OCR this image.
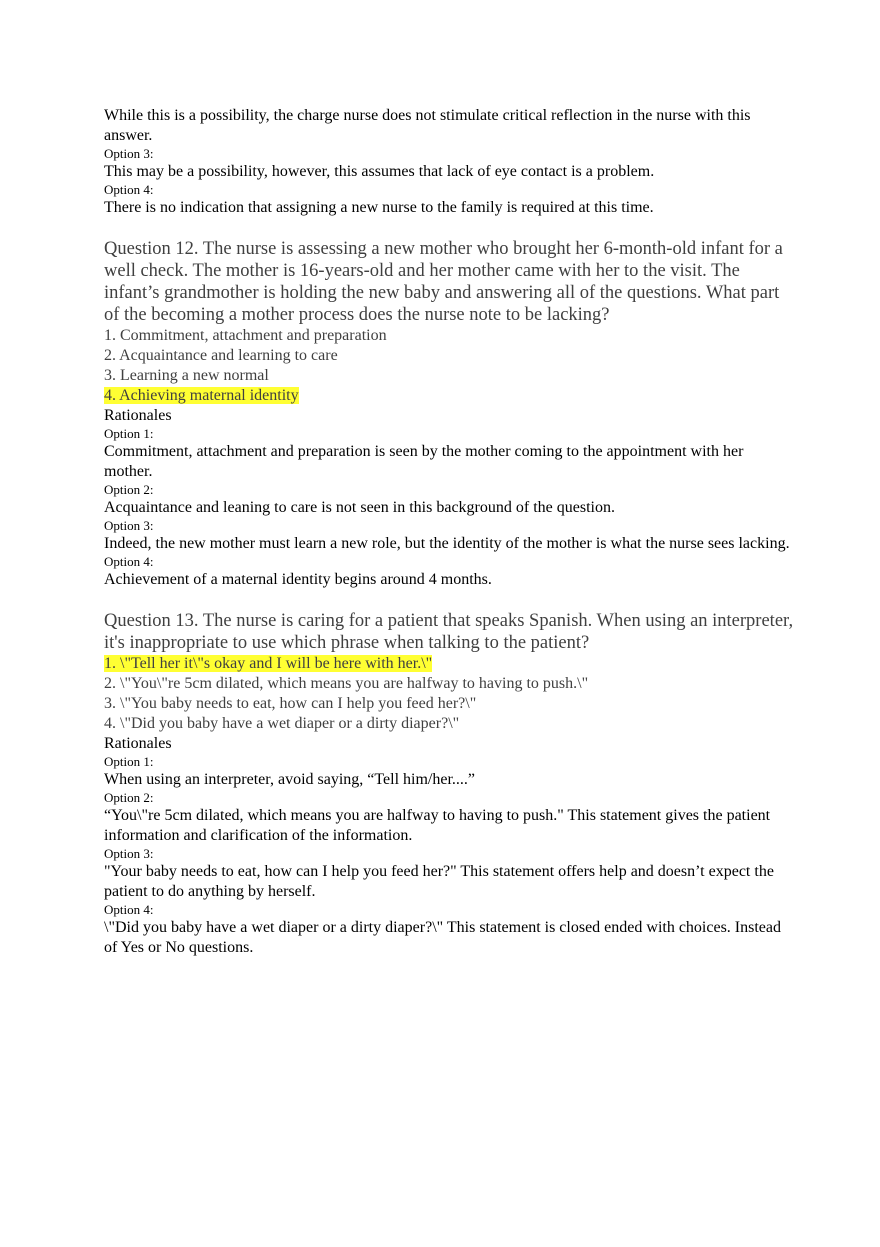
While this is a possibility, the charge nurse does not stimulate critical reflection in the nurse with this answer.

Option 3:

This may be a possibility, however, this assumes that lack of eye contact is a problem.

Option 4:

There is no indication that assigning a new nurse to the family is required at this time.

Question 12. The nurse is assessing a new mother who brought her 6-month-old infant for a well check. The mother is 16-years-old and her mother came with her to the visit. The infant’s grandmother is holding the new baby and answering all of the questions. What part of the becoming a mother process does the nurse note to be lacking?

1. Commitment, attachment and preparation

2. Acquaintance and learning to care

3. Learning a new normal

4. Achieving maternal identity

Rationales

Option 1:

Commitment, attachment and preparation is seen by the mother coming to the appointment with her mother.

Option 2:

Acquaintance and leaning to care is not seen in this background of the question.

Option 3:

Indeed, the new mother must learn a new role, but the identity of the mother is what the nurse sees lacking.

Option 4:

Achievement of a maternal identity begins around 4 months.

Question 13. The nurse is caring for a patient that speaks Spanish. When using an interpreter, it's inappropriate to use which phrase when talking to the patient?

1. \"Tell her it\"s okay and I will be here with her.\"

2. \"You\"re 5cm dilated, which means you are halfway to having to push.\"

3. \"You baby needs to eat, how can I help you feed her?\"

4. \"Did you baby have a wet diaper or a dirty diaper?\"

Rationales

Option 1:

When using an interpreter, avoid saying, “Tell him/her....”

Option 2:

“You\"re 5cm dilated, which means you are halfway to having to push." This statement gives the patient information and clarification of the information.

Option 3:

"Your baby needs to eat, how can I help you feed her?" This statement offers help and doesn’t expect the patient to do anything by herself.

Option 4:

\"Did you baby have a wet diaper or a dirty diaper?\" This statement is closed ended with choices. Instead of Yes or No questions.
